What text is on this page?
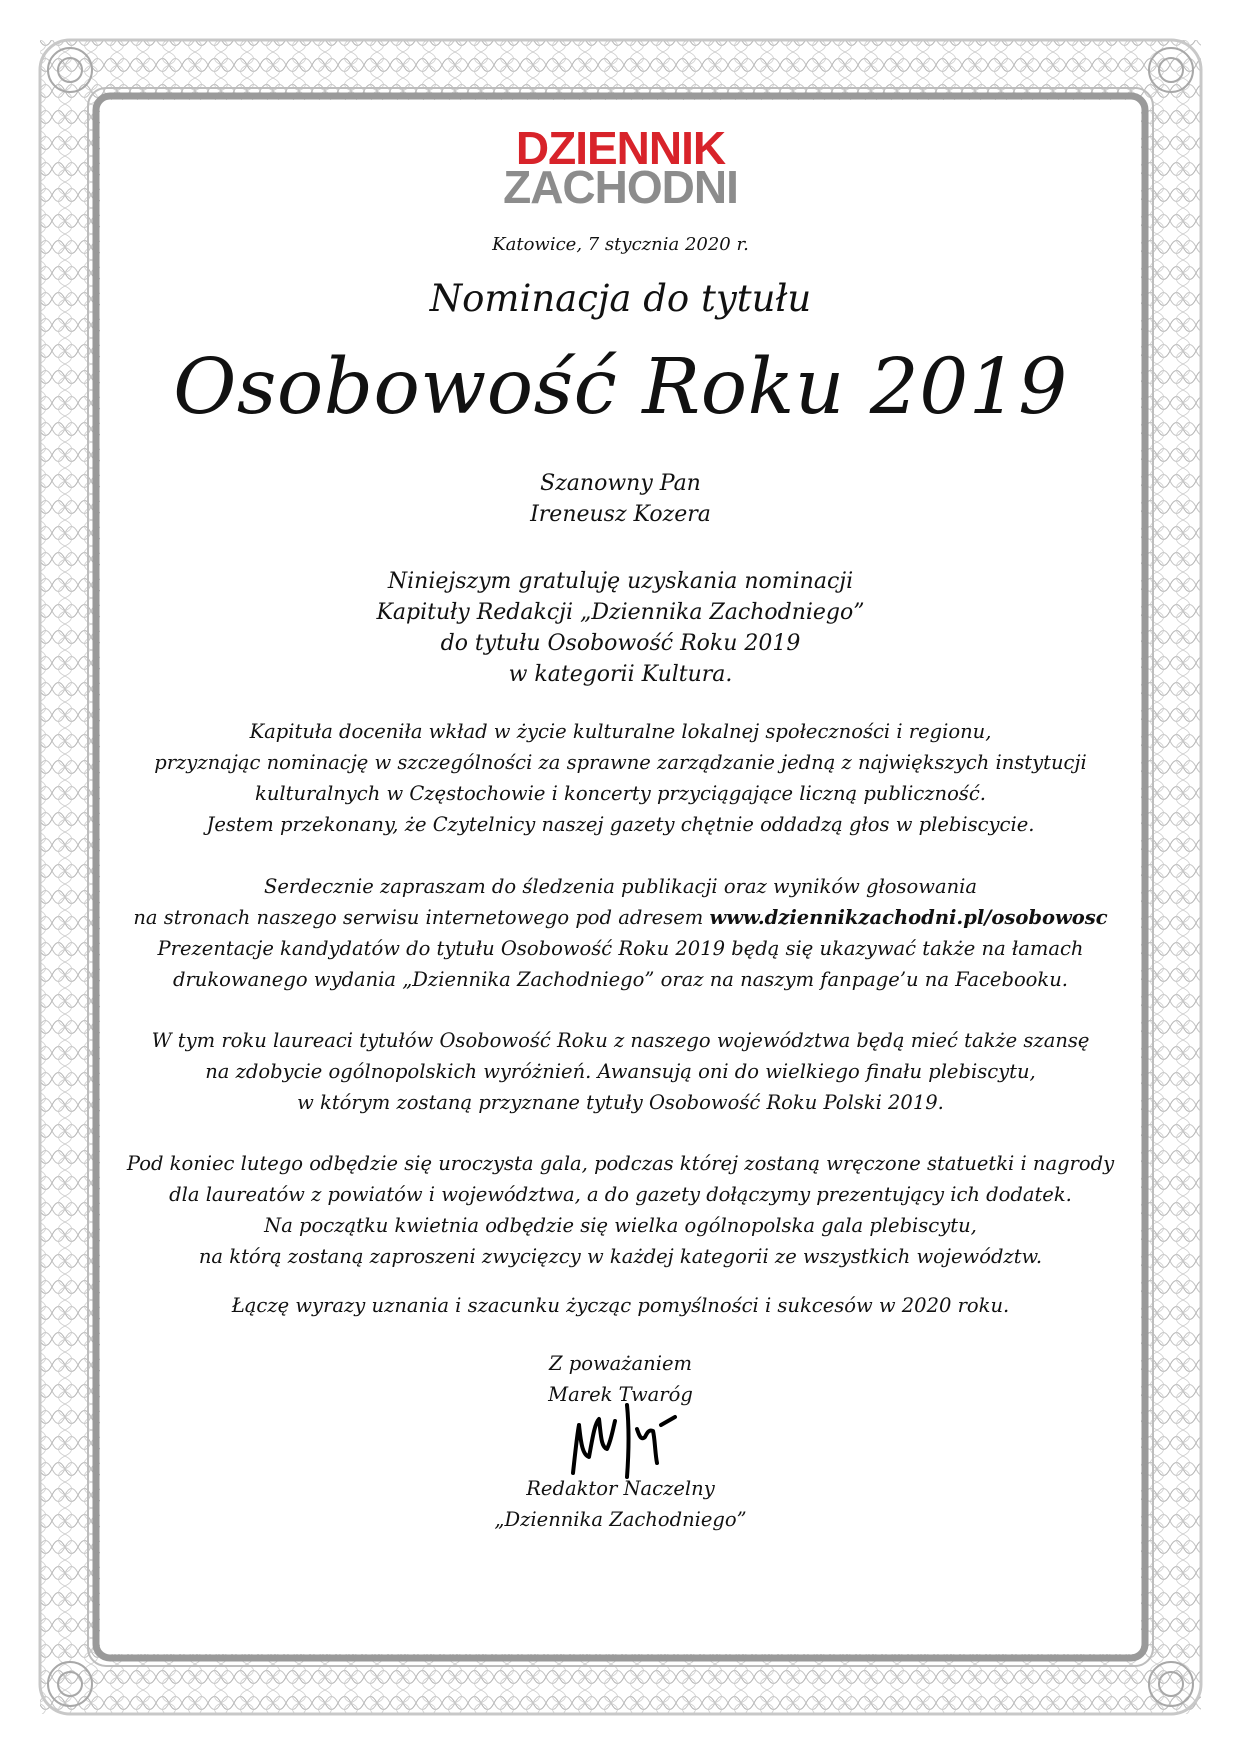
DZIENNIK
ZACHODNI

Katowice, 7 stycznia 2020 r.

Nominacja do tytułu

Osobowość Roku 2019

Szanowny Pan
Ireneusz Kozera

Niniejszym gratuluję uzyskania nominacji
Kapituły Redakcji „Dziennika Zachodniego”
do tytułu Osobowość Roku 2019
w kategorii Kultura.

Kapituła doceniła wkład w życie kulturalne lokalnej społeczności i regionu,
przyznając nominację w szczególności za sprawne zarządzanie jedną z największych instytucji
kulturalnych w Częstochowie i koncerty przyciągające liczną publiczność.
Jestem przekonany, że Czytelnicy naszej gazety chętnie oddadzą głos w plebiscycie.

Serdecznie zapraszam do śledzenia publikacji oraz wyników głosowania
na stronach naszego serwisu internetowego pod adresem www.dziennikzachodni.pl/osobowosc
Prezentacje kandydatów do tytułu Osobowość Roku 2019 będą się ukazywać także na łamach
drukowanego wydania „Dziennika Zachodniego” oraz na naszym fanpage’u na Facebooku.

W tym roku laureaci tytułów Osobowość Roku z naszego województwa będą mieć także szansę
na zdobycie ogólnopolskich wyróżnień. Awansują oni do wielkiego finału plebiscytu,
w którym zostaną przyznane tytuły Osobowość Roku Polski 2019.

Pod koniec lutego odbędzie się uroczysta gala, podczas której zostaną wręczone statuetki i nagrody
dla laureatów z powiatów i województwa, a do gazety dołączymy prezentujący ich dodatek.
Na początku kwietnia odbędzie się wielka ogólnopolska gala plebiscytu,
na którą zostaną zaproszeni zwycięzcy w każdej kategorii ze wszystkich województw.

Łączę wyrazy uznania i szacunku życząc pomyślności i sukcesów w 2020 roku.

Z poważaniem
Marek Twaróg

Redaktor Naczelny
„Dziennika Zachodniego”
